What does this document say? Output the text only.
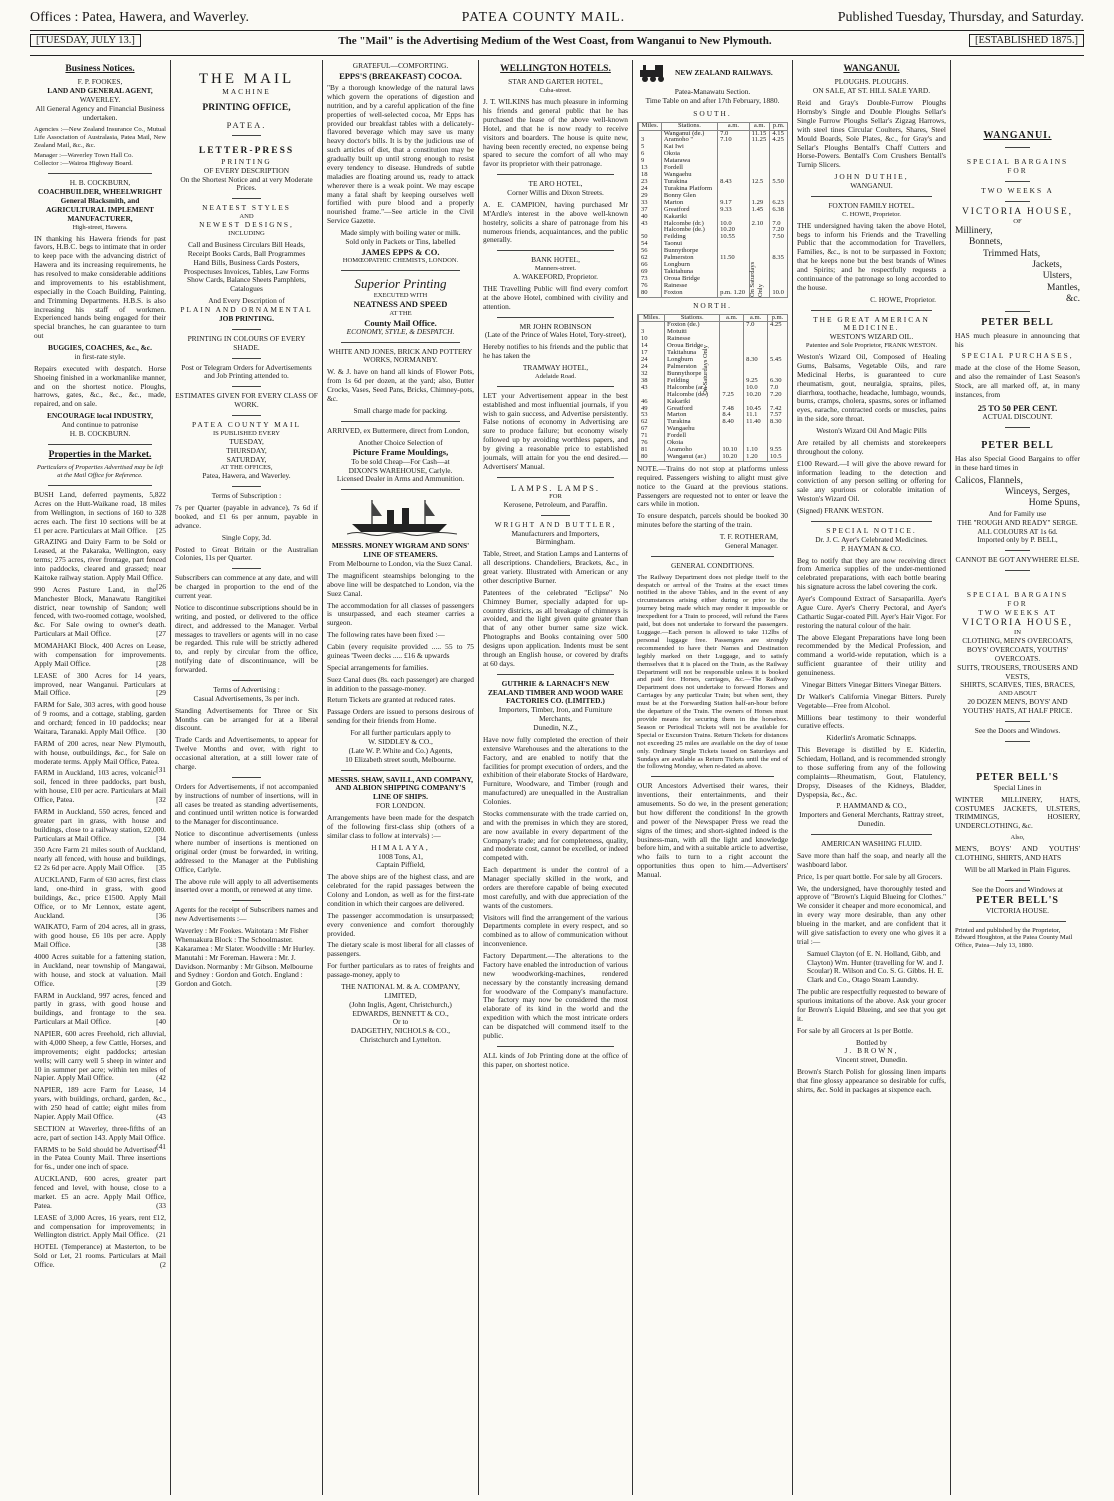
Offices : Patea, Hawera, and Waverley.	PATEA COUNTY MAIL.	Published Tuesday, Thursday, and Saturday.
[TUESDAY, JULY 13.]	The "Mail" is the Advertising Medium of the West Coast, from Wanganui to New Plymouth.	[ESTABLISHED 1875.]
Business Notices.
F. P. FOOKES,
LAND AND GENERAL AGENT,
WAVERLEY.
All General Agency and Financial Business undertaken.
Agencies :—New Zealand Insurance Co., Mutual Life Association of Australasia, Patea Mail, New Zealand Mail, &c., &c.
Manager :—Waverley Town Hall Co.
Collector :—Wairoa Highway Board.
H. B. COCKBURN,
COACHBUILDER, WHEELWRIGHT General Blacksmith, and AGRICULTURAL IMPLEMENT MANUFACTURER,
High-street, Hawera.
IN thanking his Hawera friends for past favors, H.B.C. begs to intimate that in order to keep pace with the advancing district of Hawera and its increasing requirements, he has resolved to make considerable additions and improvements to his establishment, especially in the Coach Building, Painting, and Trimming Departments. H.B.S. is also increasing his staff of workmen. Experienced hands being engaged for their special branches, he can guarantee to turn out
BUGGIES, COACHES, &c., &c.
in first-rate style.
Repairs executed with despatch. Horse Shoeing finished in a workmanlike manner, and on the shortest notice. Ploughs, harrows, gates, &c., &c., &c., made, repaired, and on sale.
ENCOURAGE local INDUSTRY,
And continue to patronise
H. B. COCKBURN.
Properties in the Market.
Particulars of Properties Advertised may be left at the Mail Office for Reference.
BUSH Land, deferred payments, 5,822 Acres on the Hutt-Waikane road, 18 miles from Wellington, in sections of 160 to 328 acres each. The first 10 sections will be at £1 per acre. Particulars at Mail Office. [25
GRAZING and Dairy Farm to be Sold or Leased, at the Pakaraka, Wellington, easy terms; 275 acres, river frontage, part fenced into paddocks, cleared and grassed; near Kaitoke railway station. Apply Mail Office.
[26
990 Acres Pasture Land, in the Manchester Block, Manawatu Rangitikei district, near township of Sandon; well fenced, with two-roomed cottage, woolshed, &c. For Sale owing to owner's death. Particulars at Mail Office.	[27
MOMAHAKI Block, 400 Acres on Lease, with compensation for improvements. Apply Mail Office.	[28
LEASE of 300 Acres for 14 years, improved, near Wanganui. Particulars at Mail Office.	[29
FARM for Sale, 303 acres, with good house of 9 rooms, and a cottage, stabling, garden and orchard; fenced in 10 paddocks; near Waitara, Taranaki. Apply Mail Office. [30
FARM of 200 acres, near New Plymouth, with house, outbuildings, &c., for Sale on moderate terms. Apply Mail Office, Patea.
[31
FARM in Auckland, 103 acres, volcanic soil, fenced in three paddocks, part bush, with house, £10 per acre. Particulars at Mail Office, Patea.	[32
FARM in Auckland, 550 acres, fenced and greater part in grass, with house and buildings, close to a railway station, £2,000. Particulars at Mail Office.	[34
350 Acre Farm 21 miles south of Auckland, nearly all fenced, with house and buildings, £2 2s 6d per acre. Apply Mail Office. [35
AUCKLAND, Farm of 630 acres, first class land, one-third in grass, with good buildings, &c., price £1500. Apply Mail Office, or to Mr Lennox, estate agent, Auckland.	[36
WAIKATO, Farm of 204 acres, all in grass, with good house, £6 10s per acre. Apply Mail Office.	[38
4000 Acres suitable for a fattening station, in Auckland, near township of Mangawai, with house, and stock at valuation. Mail Office.	[39
FARM in Auckland, 997 acres, fenced and partly in grass, with good house and buildings, and frontage to the sea. Particulars at Mail Office.	[40
NAPIER, 600 acres Freehold, rich alluvial, with 4,000 Sheep, a few Cattle, Horses, and improvements; eight paddocks; artesian wells; will carry well 5 sheep in winter and 10 in summer per acre; within ten miles of Napier. Apply Mail Office.	(42
NAPIER, 189 acre Farm for Lease, 14 years, with buildings, orchard, garden, &c., with 250 head of cattle; eight miles from Napier. Apply Mail Office.	(43
SECTION at Waverley, three-fifths of an acre, part of section 143. Apply Mail Office.
(41
FARMS to be Sold should be Advertised in the Patea County Mail. Three insertions for 6s., under one inch of space.
AUCKLAND, 600 acres, greater part fenced and level, with house, close to a market. £5 an acre. Apply Mail Office, Patea.	(33
LEASE of 3,000 Acres, 16 years, rent £12, and compensation for improvements; in Wellington district. Apply Mail Office. (21
HOTEL (Temperance) at Masterton, to be Sold or Let, 21 rooms. Particulars at Mail Office.	(2
THE MAIL
MACHINE
PRINTING OFFICE,
PATEA.
LETTER-PRESS
PRINTING
OF EVERY DESCRIPTION
On the Shortest Notice and at very Moderate Prices.
NEATEST STYLES
AND
NEWEST DESIGNS,
INCLUDING
Call and Business Circulars Bill Heads, Receipt Books Cards, Ball Programmes Hand Bills, Business Cards Posters, Prospectuses Invoices, Tables, Law Forms Show Cards, Balance Sheets Pamphlets, Catalogues
And Every Description of
PLAIN AND ORNAMENTAL
JOB PRINTING.
PRINTING IN COLOURS OF EVERY SHADE.
Post or Telegram Orders for Advertisements and Job Printing attended to.
ESTIMATES GIVEN FOR EVERY CLASS OF WORK.
PATEA COUNTY MAIL
IS PUBLISHED EVERY
TUESDAY,
THURSDAY,
SATURDAY,
AT THE OFFICES,
Patea, Hawera, and Waverley.
Terms of Subscription :
7s per Quarter (payable in advance), 7s 6d if booked, and £1 6s per annum, payable in advance.
Single Copy, 3d.
Posted to Great Britain or the Australian Colonies, 11s per Quarter.
Subscribers can commence at any date, and will be charged in proportion to the end of the current year.
Notice to discontinue subscriptions should be in writing, and posted, or delivered to the office direct, and addressed to the Manager. Verbal messages to travellers or agents will in no case be regarded. This rule will be strictly adhered to, and reply by circular from the office, notifying date of discontinuance, will be forwarded.
Terms of Advertising :
Casual Advertisements, 3s per inch.
Standing Advertisements for Three or Six Months can be arranged for at a liberal discount.
Trade Cards and Advertisements, to appear for Twelve Months and over, with right to occasional alteration, at a still lower rate of charge.
Orders for Advertisements, if not accompanied by instructions of number of insertions, will in all cases be treated as standing advertisements, and continued until written notice is forwarded to the Manager for discontinuance.
Notice to discontinue advertisements (unless where number of insertions is mentioned on original order (must be forwarded, in writing, addressed to the Manager at the Publishing Office, Carlyle.
The above rule will apply to all advertisements inserted over a month, or renewed at any time.
Agents for the receipt of Subscribers names and new Advertisements :—
Waverley : Mr Fookes. Waitotara : Mr Fisher Whenuakura Block : The Schoolmaster. Kakaramea : Mr Slater. Woodville : Mr Hurley. Manutahi : Mr Foreman. Hawera : Mr. J. Davidson. Normanby : Mr Gibson. Melbourne and Sydney : Gordon and Gotch. England : Gordon and Gotch.
GRATEFUL—COMFORTING.
EPPS'S (BREAKFAST) COCOA.
"By a thorough knowledge of the natural laws which govern the operations of digestion and nutrition, and by a careful application of the fine properties of well-selected cocoa, Mr Epps has provided our breakfast tables with a delicately-flavored beverage which may save us many heavy doctor's bills. It is by the judicious use of such articles of diet, that a constitution may be gradually built up until strong enough to resist every tendency to disease. Hundreds of subtle maladies are floating around us, ready to attack wherever there is a weak point. We may escape many a fatal shaft by keeping ourselves well fortified with pure blood and a properly nourished frame."—See article in the Civil Service Gazette.
Made simply with boiling water or milk.
Sold only in Packets or Tins, labelled
JAMES EPPS & CO.
HOMŒOPATHIC CHEMISTS, LONDON.
Superior Printing
EXECUTED WITH
NEATNESS AND SPEED
AT THE
County Mail Office.
ECONOMY, STYLE, & DESPATCH.
WHITE AND JONES, BRICK AND POTTERY WORKS, NORMANBY.
W. & J. have on hand all kinds of Flower Pots, from 1s 6d per dozen, at the yard; also, Butter Crocks, Vases, Seed Pans, Bricks, Chimney-pots, &c.
Small charge made for packing.
ARRIVED, ex Buttermere, direct from London,
Another Choice Selection of
Picture Frame Mouldings,
To be sold Cheap—For Cash—at
DIXON'S WAREHOUSE, Carlyle.
Licensed Dealer in Arms and Ammunition.
MESSRS. MONEY WIGRAM AND SONS' LINE OF STEAMERS.
From Melbourne to London, via the Suez Canal.
The magnificent steamships belonging to the above line will be despatched to London, via the Suez Canal.
The accommodation for all classes of passengers is unsurpassed, and each steamer carries a surgeon.
The following rates have been fixed :—
Cabin (every requisite provided ..... 55 to 75 guineas 'Tween decks ..... £16 & upwards
Special arrangements for families.
Suez Canal dues (8s. each passenger) are charged in addition to the passage-money.
Return Tickets are granted at reduced rates.
Passage Orders are issued to persons desirous of sending for their friends from Home.
For all further particulars apply to
W. SIDDLEY & CO.,
(Late W. P. White and Co.) Agents,
10 Elizabeth street south, Melbourne.
MESSRS. SHAW, SAVILL, AND COMPANY, AND ALBION SHIPPING COMPANY'S LINE OF SHIPS.
FOR LONDON.
Arrangements have been made for the despatch of the following first-class ship (others of a similar class to follow at intervals) :—
HIMALAYA,
1008 Tons, A1,
Captain Piffield,
The above ships are of the highest class, and are celebrated for the rapid passages between the Colony and London, as well as for the first-rate condition in which their cargoes are delivered.
The passenger accommodation is unsurpassed; every convenience and comfort thoroughly provided.
The dietary scale is most liberal for all classes of passengers.
For further particulars as to rates of freights and passage-money, apply to
THE NATIONAL M. & A. COMPANY, LIMITED,
(John Inglis, Agent, Christchurch,)
EDWARDS, BENNETT & CO.,
Or to
DADGETHY, NICHOLS & CO.,
Christchurch and Lyttelton.
WELLINGTON HOTELS.
STAR AND GARTER HOTEL,
Cuba-street.
J. T. WILKINS has much pleasure in informing his friends and general public that he has purchased the lease of the above well-known Hotel, and that he is now ready to receive visitors and boarders. The house is quite new, having been recently erected, no expense being spared to secure the comfort of all who may favor its proprietor with their patronage.
TE ARO HOTEL,
Corner Willis and Dixon Streets.
A. E. CAMPION, having purchased Mr M'Ardle's interest in the above well-known hostelry, solicits a share of patronage from his numerous friends, acquaintances, and the public generally.
BANK HOTEL,
Manners-street.
A. WAKEFORD, Proprietor.
THE Travelling Public will find every comfort at the above Hotel, combined with civility and attention.
MR JOHN ROBINSON
(Late of the Prince of Wales Hotel, Tory-street),
Hereby notifies to his friends and the public that he has taken the
TRAMWAY HOTEL,
Adelaide Road.
LET your Advertisement appear in the best established and most influential journals, if you wish to gain success, and Advertise persistently. False notions of economy in Advertising are sure to produce failure; but economy wisely followed up by avoiding worthless papers, and by giving a reasonable price to established journals, will attain for you the end desired.—Advertisers' Manual.
LAMPS. LAMPS.
FOR
Kerosene, Petroleum, and Paraffin.
WRIGHT AND BUTTLER,
Manufacturers and Importers,
Birmingham.
Table, Street, and Station Lamps and Lanterns of all descriptions. Chandeliers, Brackets, &c., in great variety. Illustrated with American or any other descriptive Burner.
Patentees of the celebrated "Eclipse" No Chimney Burner, specially adapted for up-country districts, as all breakage of chimneys is avoided, and the light given quite greater than that of any other burner same size wick. Photographs and Books containing over 500 designs upon application. Indents must be sent through an English house, or covered by drafts at 60 days.
GUTHRIE & LARNACH'S NEW ZEALAND TIMBER AND WOOD WARE FACTORIES CO. (LIMITED.)
Importers, Timber, Iron, and Furniture Merchants,
Dunedin, N.Z.,
Have now fully completed the erection of their extensive Warehouses and the alterations to the Factory, and are enabled to notify that the facilities for prompt execution of orders, and the exhibition of their elaborate Stocks of Hardware, Furniture, Woodware, and Timber (rough and manufactured) are unequalled in the Australian Colonies.
Stocks commensurate with the trade carried on, and with the premises in which they are stored, are now available in every department of the Company's trade; and for completeness, quality, and moderate cost, cannot be excelled, or indeed competed with.
Each department is under the control of a Manager specially skilled in the work, and orders are therefore capable of being executed most carefully, and with due appreciation of the wants of the customers.
Visitors will find the arrangement of the various Departments complete in every respect, and so combined as to allow of communication without inconvenience.
Factory Department.—The alterations to the Factory have enabled the introduction of various new woodworking-machines, rendered necessary by the constantly increasing demand for woodware of the Company's manufacture. The factory may now be considered the most elaborate of its kind in the world and the expedition with which the most intricate orders can be dispatched will commend itself to the public.
ALL kinds of Job Printing done at the office of this paper, on shortest notice.
NEW ZEALAND RAILWAYS.
Patea-Manawatu Section.
Time Table on and after 17th February, 1880.
SOUTH.
Miles.	Stations.	a.m.	a.m.	p.m.
	Wanganui (de.)	7.0	11.15	4.15
3	Aramoho "	7.10	11.25	4.25
5	Kai Iwi			
6	Okoia			
9	Matarawa			
13	Fordell			
18	Wangaehu			
23	Turakina	8.43	12.5	5.50
24	Turakina Platform			
29	Bonny Glen			
33	Marton	9.17	1.29	6.23
37	Greatford	9.33	1.45	6.38
40	Kakariki			
43	Halcombe (dr.)	10.0	2.10	7.0
	Halcombe (de.)	10.20		7.20
50	Feilding	10.55		7.50
54	Taonui			
56	Bunnythorpe			
62	Palmerston	11.50		8.35
66	Longburn			
69	Takitahuna			
73	Oroua Bridge			
76	Rainesse			
80	Foxton	p.m. 1.20		10.0
On Saturdays Only
NORTH.
Miles.	Stations.	a.m.	a.m.	p.m.
	Foxton (de.)		7.0	4.25
3	Motuiti			
10	Rainesse			
14	Oroua Bridge			
17	Takitahuna			
24	Longburn		8.30	5.45
24	Palmerston			
32	Bunnythorpe			
38	Feilding		9.25	6.30
43	Halcombe (ar.)		10.0	7.0
	Halcombe (de.)	7.25	10.20	7.20
46	Kakariki			
49	Greatford	7.48	10.45	7.42
53	Marton	8.4	11.1	7.57
62	Turakina	8.40	11.40	8.30
67	Wangaehu			
71	Fordell			
76	Okoia			
81	Aramoho	10.10	1.10	9.55
80	Wanganui (ar.)	10.20	1.20	10.5
On Saturdays Only
NOTE.—Trains do not stop at platforms unless required. Passengers wishing to alight must give notice to the Guard at the previous stations. Passengers are requested not to enter or leave the cars while in motion.
To ensure despatch, parcels should be booked 30 minutes before the starting of the train.
T. F. ROTHERAM,
General Manager.
GENERAL CONDITIONS.
The Railway Department does not pledge itself to the despatch or arrival of the Trains at the exact times notified in the above Tables, and in the event of any circumstances arising either during or prior to the journey being made which may render it impossible or inexpedient for a Train to proceed, will refund the Fares paid, but does not undertake to forward the passengers. Luggage.—Each person is allowed to take 112lbs of personal luggage free. Passengers are strongly recommended to have their Names and Destination legibly marked on their Luggage, and to satisfy themselves that it is placed on the Train, as the Railway Department will not be responsible unless it is booked and paid for. Horses, carriages, &c.—The Railway Department does not undertake to forward Horses and Carriages by any particular Train; but when sent, they must be at the Forwarding Station half-an-hour before the departure of the Train. The owners of Horses must provide means for securing them in the horsebox. Season or Periodical Tickets will not be available for Special or Excursion Trains. Return Tickets for distances not exceeding 25 miles are available on the day of issue only. Ordinary Single Tickets issued on Saturdays and Sundays are available as Return Tickets until the end of the following Monday, when re-dated as above.
OUR Ancestors Advertised their wares, their inventions, their entertainments, and their amusements. So do we, in the present generation; but how different the conditions! In the growth and power of the Newspaper Press we read the signs of the times; and short-sighted indeed is the business-man, with all the light and knowledge before him, and with a suitable article to advertise, who fails to turn to a right account the opportunities thus open to him.—Advertisers' Manual.
WANGANUI.
PLOUGHS. PLOUGHS.
ON SALE, AT ST. HILL SALE YARD.
Reid and Gray's Double-Furrow Ploughs Hornsby's Single and Double Ploughs Sellar's Single Furrow Ploughs Sellar's Zigzag Harrows, with steel tines Circular Coulters, Shares, Steel Mould Boards, Sole Plates, &c., for Gray's and Sellar's Ploughs Bentall's Chaff Cutters and Horse-Powers. Bentall's Corn Crushers Bentall's Turnip Slicers.
JOHN DUTHIE,
WANGANUI.
FOXTON FAMILY HOTEL.
C. HOWE, Proprietor.
THE undersigned having taken the above Hotel, begs to inform his Friends and the Travelling Public that the accommodation for Travellers, Families, &c., is not to be surpassed in Foxton; that he keeps none but the best brands of Wines and Spirits; and he respectfully requests a continuance of the patronage so long accorded to the house.
C. HOWE, Proprietor.
THE GREAT AMERICAN MEDICINE.
WESTON'S WIZARD OIL.
Patentee and Sole Proprietor, FRANK WESTON.
Weston's Wizard Oil, Composed of Healing Gums, Balsams, Vegetable Oils, and rare Medicinal Herbs, is guaranteed to cure rheumatism, gout, neuralgia, sprains, piles, diarrhœa, toothache, headache, lumbago, wounds, burns, cramps, cholera, spasms, sores or inflamed eyes, earache, contracted cords or muscles, pains in the side, sore throat.
Weston's Wizard Oil And Magic Pills
Are retailed by all chemists and storekeepers throughout the colony.
£100 Reward.—I will give the above reward for information leading to the detection and conviction of any person selling or offering for sale any spurious or colorable imitation of Weston's Wizard Oil.
(Signed) FRANK WESTON.
SPECIAL NOTICE.
Dr. J. C. Ayer's Celebrated Medicines.
P. HAYMAN & CO.
Beg to notify that they are now receiving direct from America supplies of the under-mentioned celebrated preparations, with each bottle bearing his signature across the label covering the cork.
Ayer's Compound Extract of Sarsaparilla. Ayer's Ague Cure. Ayer's Cherry Pectoral, and Ayer's Cathartic Sugar-coated Pill. Ayer's Hair Vigor. For restoring the natural colour of the hair.
The above Elegant Preparations have long been recommended by the Medical Profession, and command a world-wide reputation, which is a sufficient guarantee of their utility and genuineness.
Vinegar Bitters Vinegar Bitters Vinegar Bitters.
Dr Walker's California Vinegar Bitters. Purely Vegetable—Free from Alcohol.
Millions bear testimony to their wonderful curative effects.
Kiderlin's Aromatic Schnapps.
This Beverage is distilled by E. Kiderlin, Schiedam, Holland, and is recommended strongly to those suffering from any of the following complaints—Rheumatism, Gout, Flatulency, Dropsy, Diseases of the Kidneys, Bladder, Dyspepsia, &c., &c.
P. HAMMAND & CO.,
Importers and General Merchants, Rattray street, Dunedin.
AMERICAN WASHING FLUID.
Save more than half the soap, and nearly all the washboard labor.
Price, 1s per quart bottle. For sale by all Grocers.
We, the undersigned, have thoroughly tested and approve of "Brown's Liquid Blueing for Clothes." We consider it cheaper and more economical, and in every way more desirable, than any other blueing in the market, and are confident that it will give satisfaction to every one who gives it a trial :—
Samuel Clayton (of E. N. Holland, Gibb, and Clayton) Wm. Hunter (travelling for W. and J. Scoular) R. Wilson and Co. S. G. Gibbs. H. E. Clark and Co., Otago Steam Laundry.
The public are respectfully requested to beware of spurious imitations of the above. Ask your grocer for Brown's Liquid Blueing, and see that you get it.
For sale by all Grocers at 1s per Bottle.
Bottled by
J. BROWN,
Vincent street, Dunedin.
Brown's Starch Polish for glossing linen imparts that fine glossy appearance so desirable for cuffs, shirts, &c. Sold in packages at sixpence each.
WANGANUI.
SPECIAL BARGAINS FOR
TWO WEEKS A
VICTORIA HOUSE,
OF
Millinery,
Bonnets,
Trimmed Hats,
Jackets,
Ulsters,
Mantles,
&c.
PETER BELL
HAS much pleasure in announcing that his
SPECIAL PURCHASES,
made at the close of the Home Season, and also the remainder of Last Season's Stock, are all marked off, at, in many instances, from
25 TO 50 PER CENT.
ACTUAL DISCOUNT.
PETER BELL
Has also Special Good Bargains to offer in these hard times in
Calicos, Flannels,
Winceys, Serges,
Home Spuns,
And for Family use
THE "ROUGH AND READY" SERGE.
ALL COLOURS AT 1s 6d.
Imported only by P. BELL,
CANNOT BE GOT ANYWHERE ELSE.
SPECIAL BARGAINS FOR
TWO WEEKS AT
VICTORIA HOUSE,
IN
CLOTHING, MEN'S OVERCOATS, BOYS' OVERCOATS, YOUTHS' OVERCOATS.
SUITS, TROUSERS, TROUSERS AND VESTS,
SHIRTS, SCARVES, TIES, BRACES,
AND ABOUT
20 DOZEN MEN'S, BOYS' AND YOUTHS' HATS, AT HALF PRICE.
See the Doors and Windows.
PETER BELL'S
Special Lines in
WINTER MILLINERY, HATS, COSTUMES JACKETS, ULSTERS, TRIMMINGS, HOSIERY, UNDERCLOTHING, &c.
Also,
MEN'S, BOYS' AND YOUTHS' CLOTHING, SHIRTS, AND HATS
Will be all Marked in Plain Figures.
See the Doors and Windows at
PETER BELL'S
VICTORIA HOUSE.
Printed and published by the Proprietor, Edward Houghton, at the Patea County Mail Office, Patea—July 13, 1880.
